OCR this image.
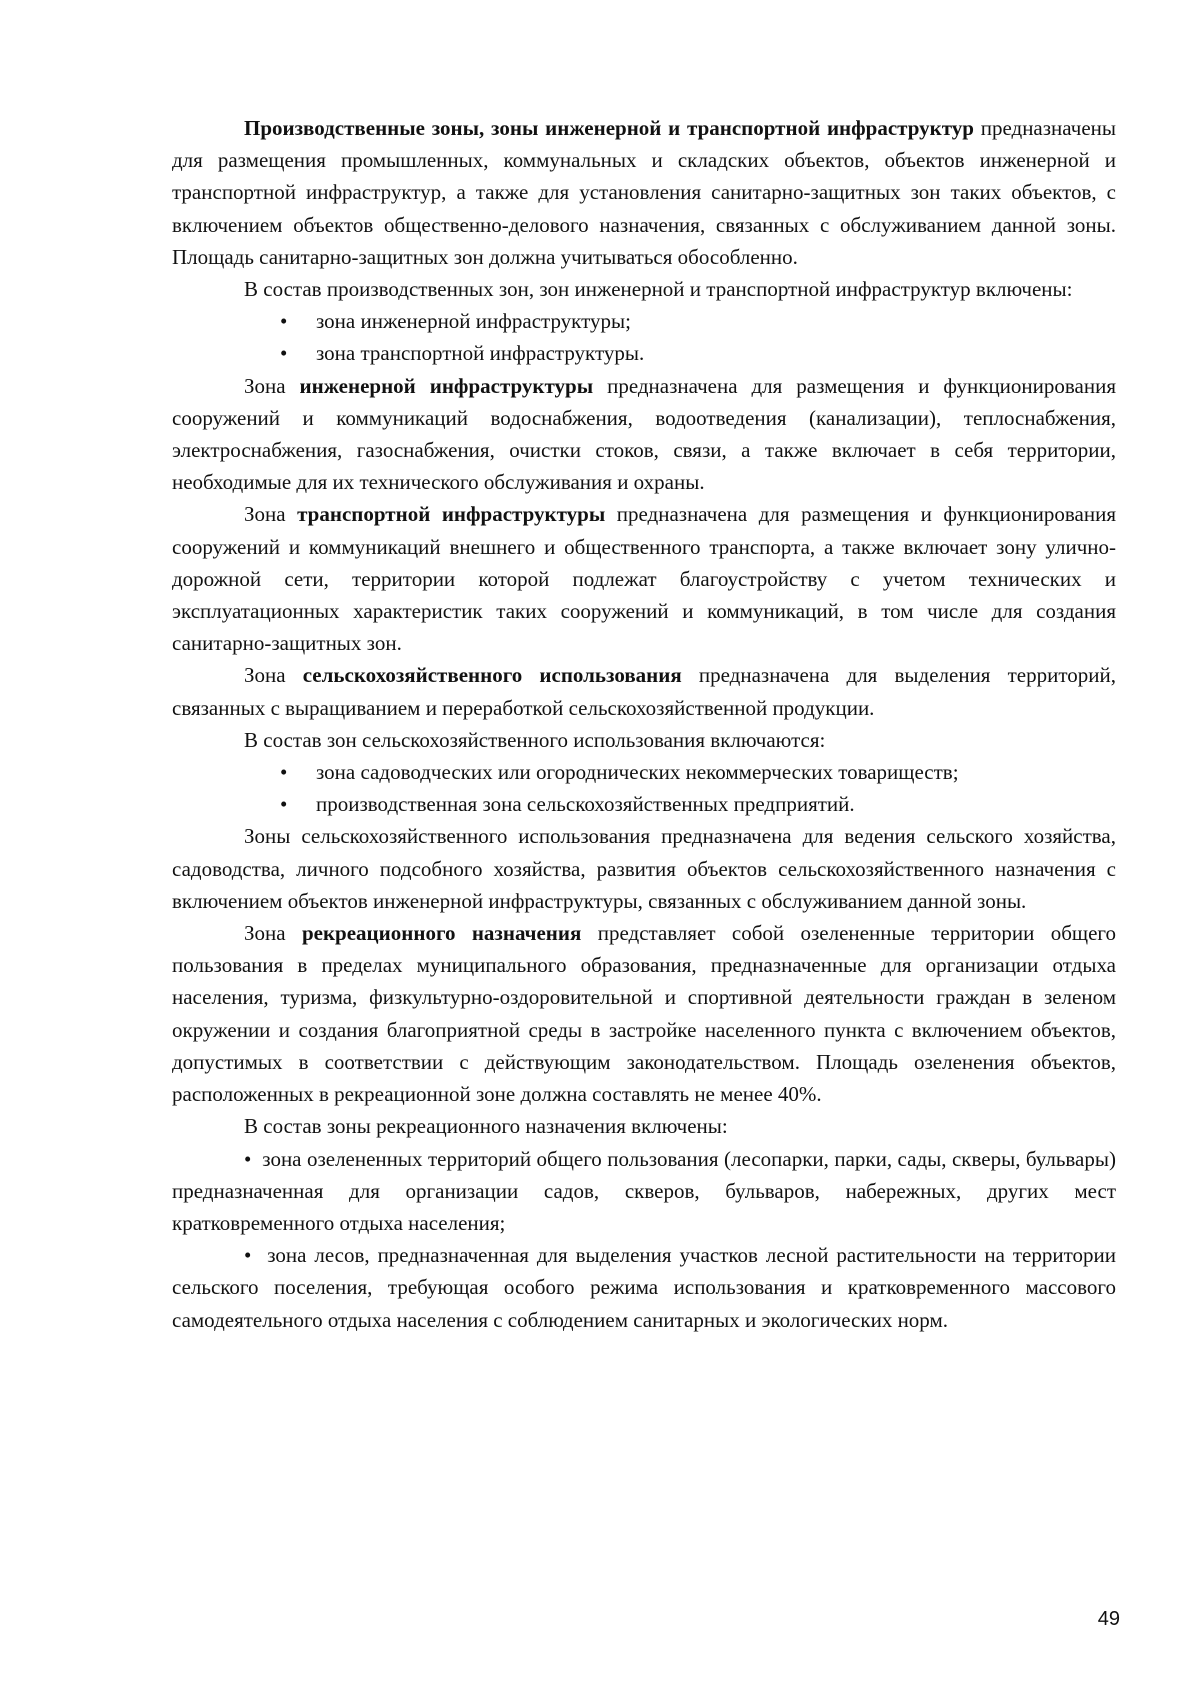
Производственные зоны, зоны инженерной и транспортной инфраструктур предназначены для размещения промышленных, коммунальных и складских объектов, объектов инженерной и транспортной инфраструктур, а также для установления санитарно-защитных зон таких объектов, с включением объектов общественно-делового назначения, связанных с обслуживанием данной зоны. Площадь санитарно-защитных зон должна учитываться обособленно.

В состав производственных зон, зон инженерной и транспортной инфраструктур включены:

• зона инженерной инфраструктуры;
• зона транспортной инфраструктуры.

Зона инженерной инфраструктуры предназначена для размещения и функционирования сооружений и коммуникаций водоснабжения, водоотведения (канализации), теплоснабжения, электроснабжения, газоснабжения, очистки стоков, связи, а также включает в себя территории, необходимые для их технического обслуживания и охраны.

Зона транспортной инфраструктуры предназначена для размещения и функционирования сооружений и коммуникаций внешнего и общественного транспорта, а также включает зону улично-дорожной сети, территории которой подлежат благоустройству с учетом технических и эксплуатационных характеристик таких сооружений и коммуникаций, в том числе для создания санитарно-защитных зон.

Зона сельскохозяйственного использования предназначена для выделения территорий, связанных с выращиванием и переработкой сельскохозяйственной продукции.

В состав зон сельскохозяйственного использования включаются:

• зона садоводческих или огороднических некоммерческих товариществ;
• производственная зона сельскохозяйственных предприятий.

Зоны сельскохозяйственного использования предназначена для ведения сельского хозяйства, садоводства, личного подсобного хозяйства, развития объектов сельскохозяйственного назначения с включением объектов инженерной инфраструктуры, связанных с обслуживанием данной зоны.

Зона рекреационного назначения представляет собой озелененные территории общего пользования в пределах муниципального образования, предназначенные для организации отдыха населения, туризма, физкультурно-оздоровительной и спортивной деятельности граждан в зеленом окружении и создания благоприятной среды в застройке населенного пункта с включением объектов, допустимых в соответствии с действующим законодательством. Площадь озеленения объектов, расположенных в рекреационной зоне должна составлять не менее 40%.

В состав зоны рекреационного назначения включены:

•  зона озелененных территорий общего пользования (лесопарки, парки, сады, скверы, бульвары) предназначенная для организации садов, скверов, бульваров, набережных, других мест кратковременного отдыха населения;

•  зона лесов, предназначенная для выделения участков лесной растительности на территории сельского поселения, требующая особого режима использования и кратковременного массового самодеятельного отдыха населения с соблюдением санитарных и экологических норм.

49
